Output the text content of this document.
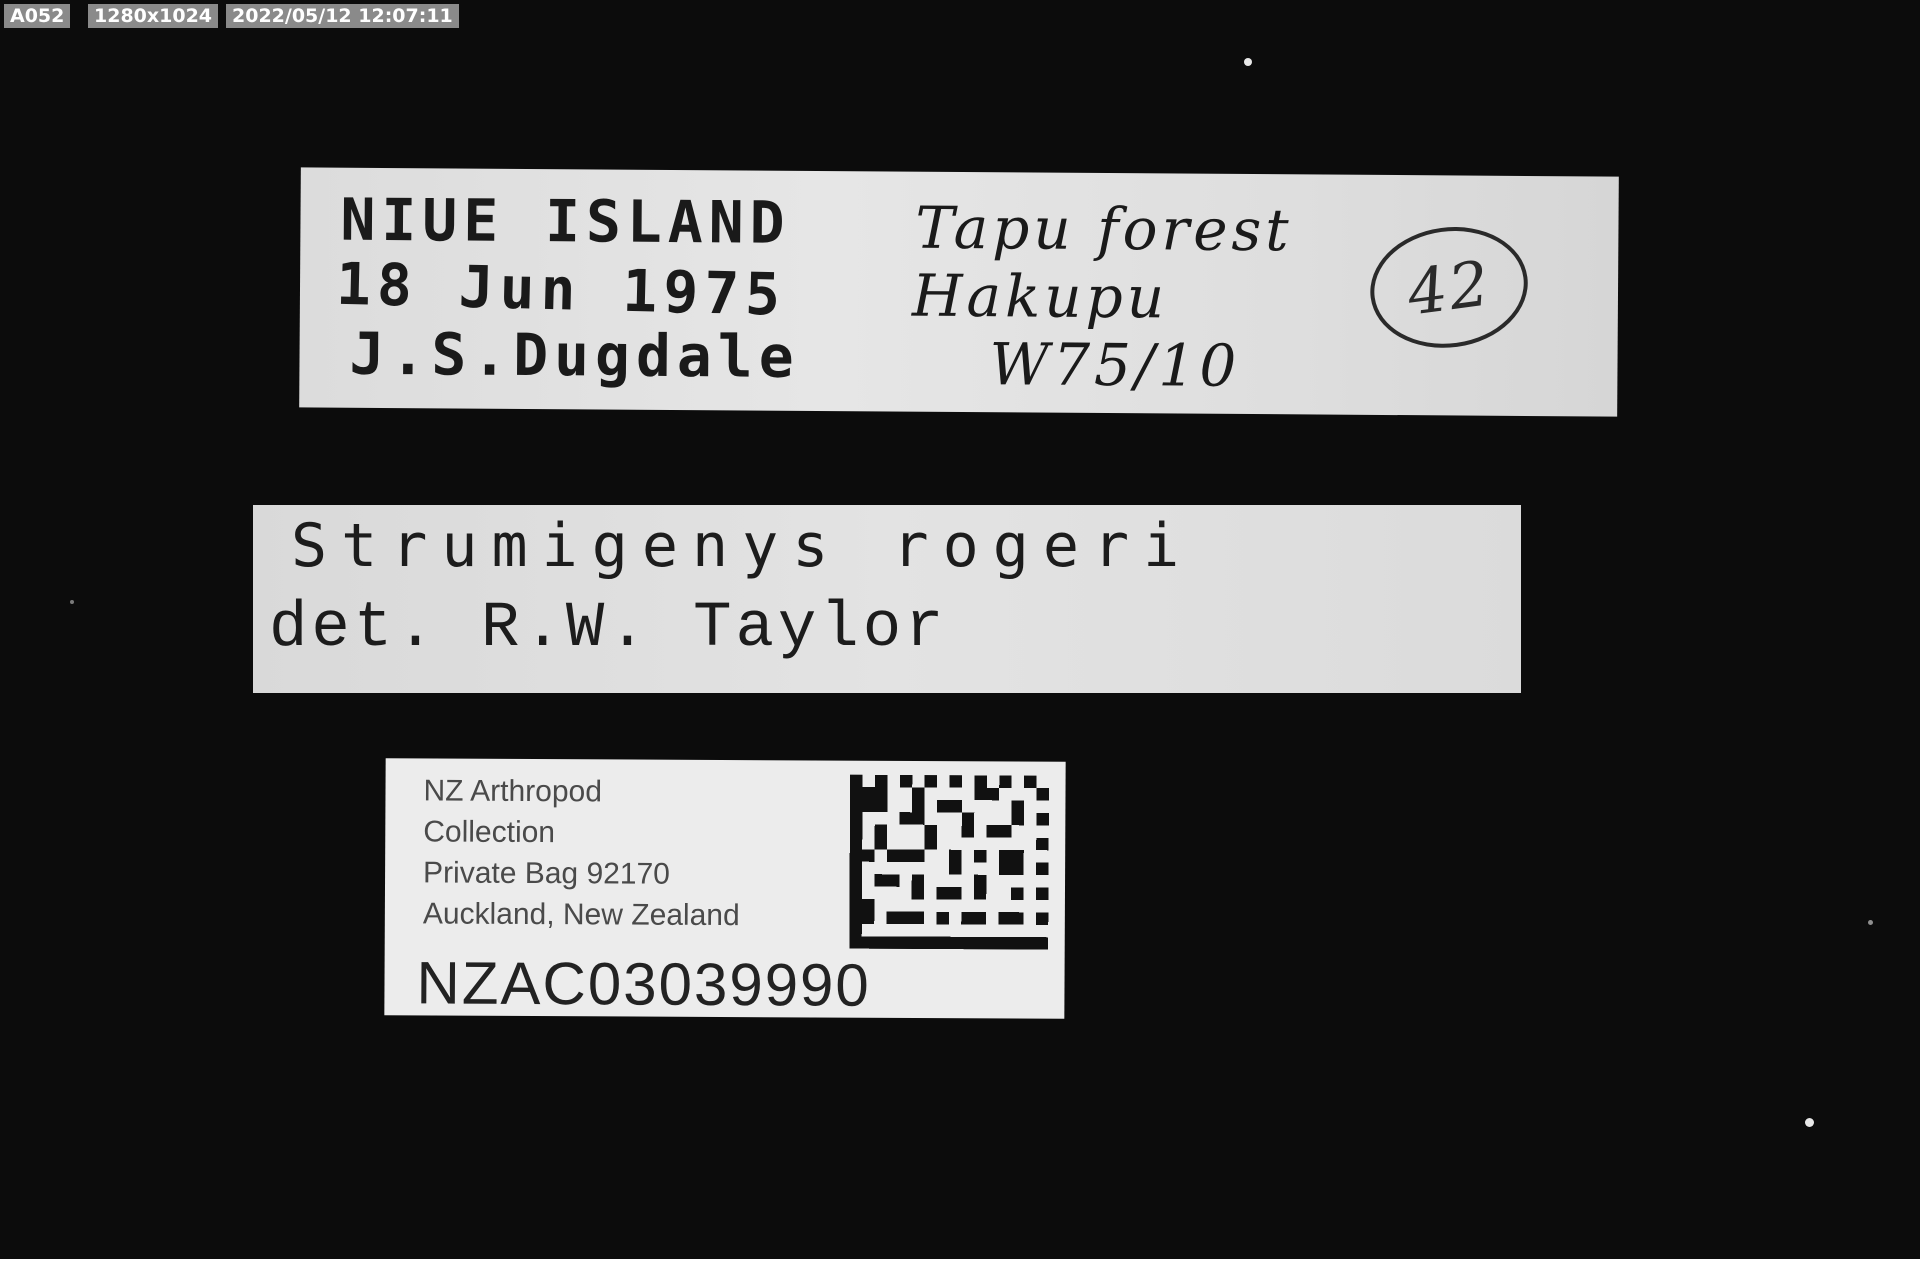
A052	1280x1024	2022/05/12 12:07:11
NIUE ISLAND Tapu forest
18 Jun 1975 Hakupu
J.S.Dugdale	W75/10
42
Strumigenys rogeri
det. R.W. Taylor
NZ Arthropod
Collection
Private Bag 92170
Auckland, New Zealand
NZAC03039990
